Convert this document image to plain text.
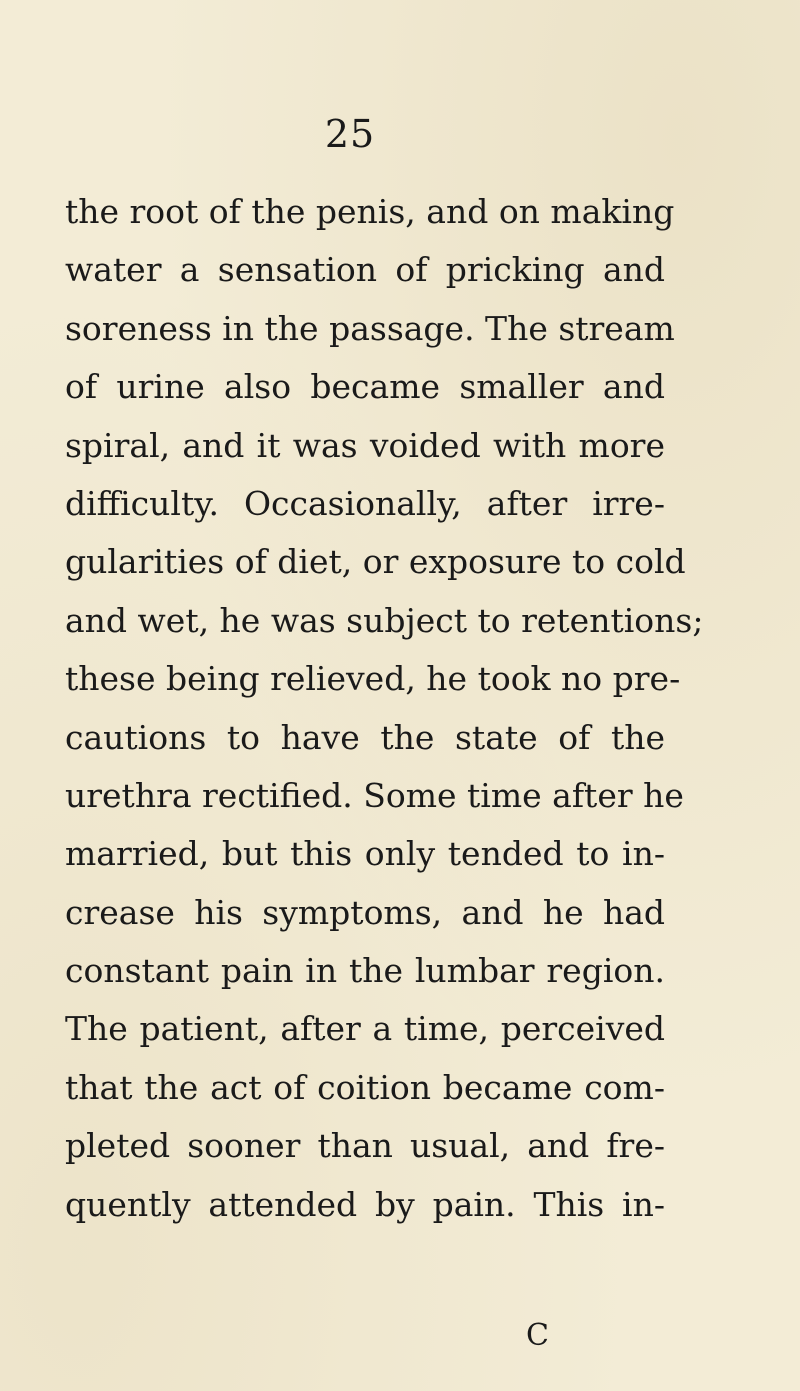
25
the root of the penis, and on making
water a sensation of pricking and
soreness in the passage. The stream
of urine also became smaller and
spiral, and it was voided with more
difficulty. Occasionally, after irre-
gularities of diet, or exposure to cold
and wet, he was subject to retentions;
these being relieved, he took no pre-
cautions to have the state of the
urethra rectified. Some time after he
married, but this only tended to in-
crease his symptoms, and he had
constant pain in the lumbar region.
The patient, after a time, perceived
that the act of coition became com-
pleted sooner than usual, and fre-
quently attended by pain. This in-
C
